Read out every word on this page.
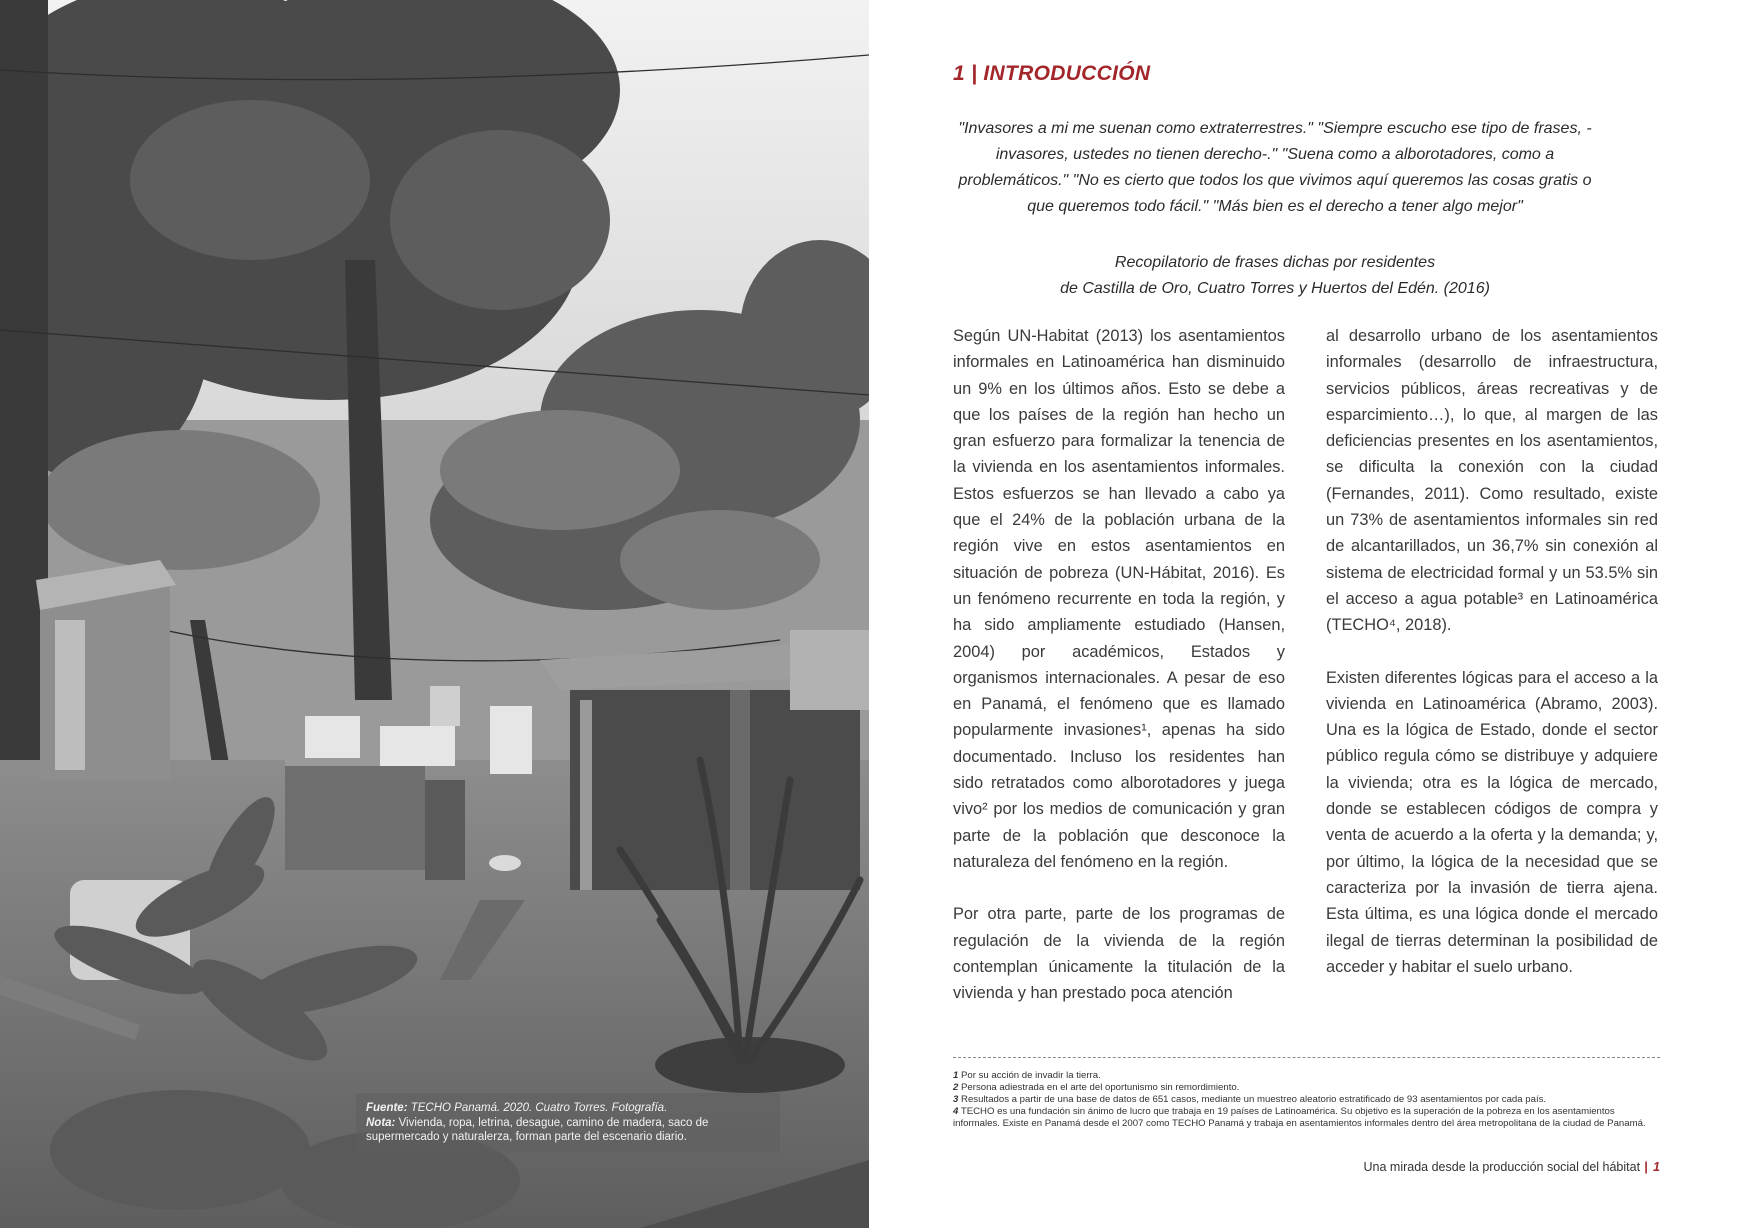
Fuente: TECHO Panamá. 2020. Cuatro Torres. Fotografía.
Nota: Vivienda, ropa, letrina, desague, camino de madera, saco de supermercado y naturalerza, forman parte del escenario diario.
1 | INTRODUCCIÓN

"Invasores a mi me suenan como extraterrestres." "Siempre escucho ese tipo de frases, -invasores, ustedes no tienen derecho-." "Suena como a alborotadores, como a problemáticos." "No es cierto que todos los que vivimos aquí queremos las cosas gratis o que queremos todo fácil." "Más bien es el derecho a tener algo mejor"

Recopilatorio de frases dichas por residentes
de Castilla de Oro, Cuatro Torres y Huertos del Edén. (2016)

Según UN-Habitat (2013) los asentamientos informales en Latinoamérica han disminuido un 9% en los últimos años. Esto se debe a que los países de la región han hecho un gran esfuerzo para formalizar la tenencia de la vivienda en los asentamientos informales. Estos esfuerzos se han llevado a cabo ya que el 24% de la población urbana de la región vive en estos asentamientos en situación de pobreza (UN-Hábitat, 2016). Es un fenómeno recurrente en toda la región, y ha sido ampliamente estudiado (Hansen, 2004) por académicos, Estados y organismos internacionales. A pesar de eso en Panamá, el fenómeno que es llamado popularmente invasiones¹, apenas ha sido documentado. Incluso los residentes han sido retratados como alborotadores y juega vivo² por los medios de comunicación y gran parte de la población que desconoce la naturaleza del fenómeno en la región.

Por otra parte, parte de los programas de regulación de la vivienda de la región contemplan únicamente la titulación de la vivienda y han prestado poca atención

al desarrollo urbano de los asentamientos informales (desarrollo de infraestructura, servicios públicos, áreas recreativas y de esparcimiento…), lo que, al margen de las deficiencias presentes en los asentamientos, se dificulta la conexión con la ciudad (Fernandes, 2011). Como resultado, existe un 73% de asentamientos informales sin red de alcantarillados, un 36,7% sin conexión al sistema de electricidad formal y un 53.5% sin el acceso a agua potable³ en Latinoamérica (TECHO⁴, 2018).

Existen diferentes lógicas para el acceso a la vivienda en Latinoamérica (Abramo, 2003). Una es la lógica de Estado, donde el sector público regula cómo se distribuye y adquiere la vivienda; otra es la lógica de mercado, donde se establecen códigos de compra y venta de acuerdo a la oferta y la demanda; y, por último, la lógica de la necesidad que se caracteriza por la invasión de tierra ajena. Esta última, es una lógica donde el mercado ilegal de tierras determinan la posibilidad de acceder y habitar el suelo urbano.

1 Por su acción de invadir la tierra.
2 Persona adiestrada en el arte del oportunismo sin remordimiento.
3 Resultados a partir de una base de datos de 651 casos, mediante un muestreo aleatorio estratificado de 93 asentamientos por cada país.
4 TECHO es una fundación sin ánimo de lucro que trabaja en 19 países de Latinoamérica. Su objetivo es la superación de la pobreza en los asentamientos informales. Existe en Panamá desde el 2007 como TECHO Panamá y trabaja en asentamientos informales dentro del área metropolitana de la ciudad de Panamá.
Una mirada desde la producción social del hábitat | 1
